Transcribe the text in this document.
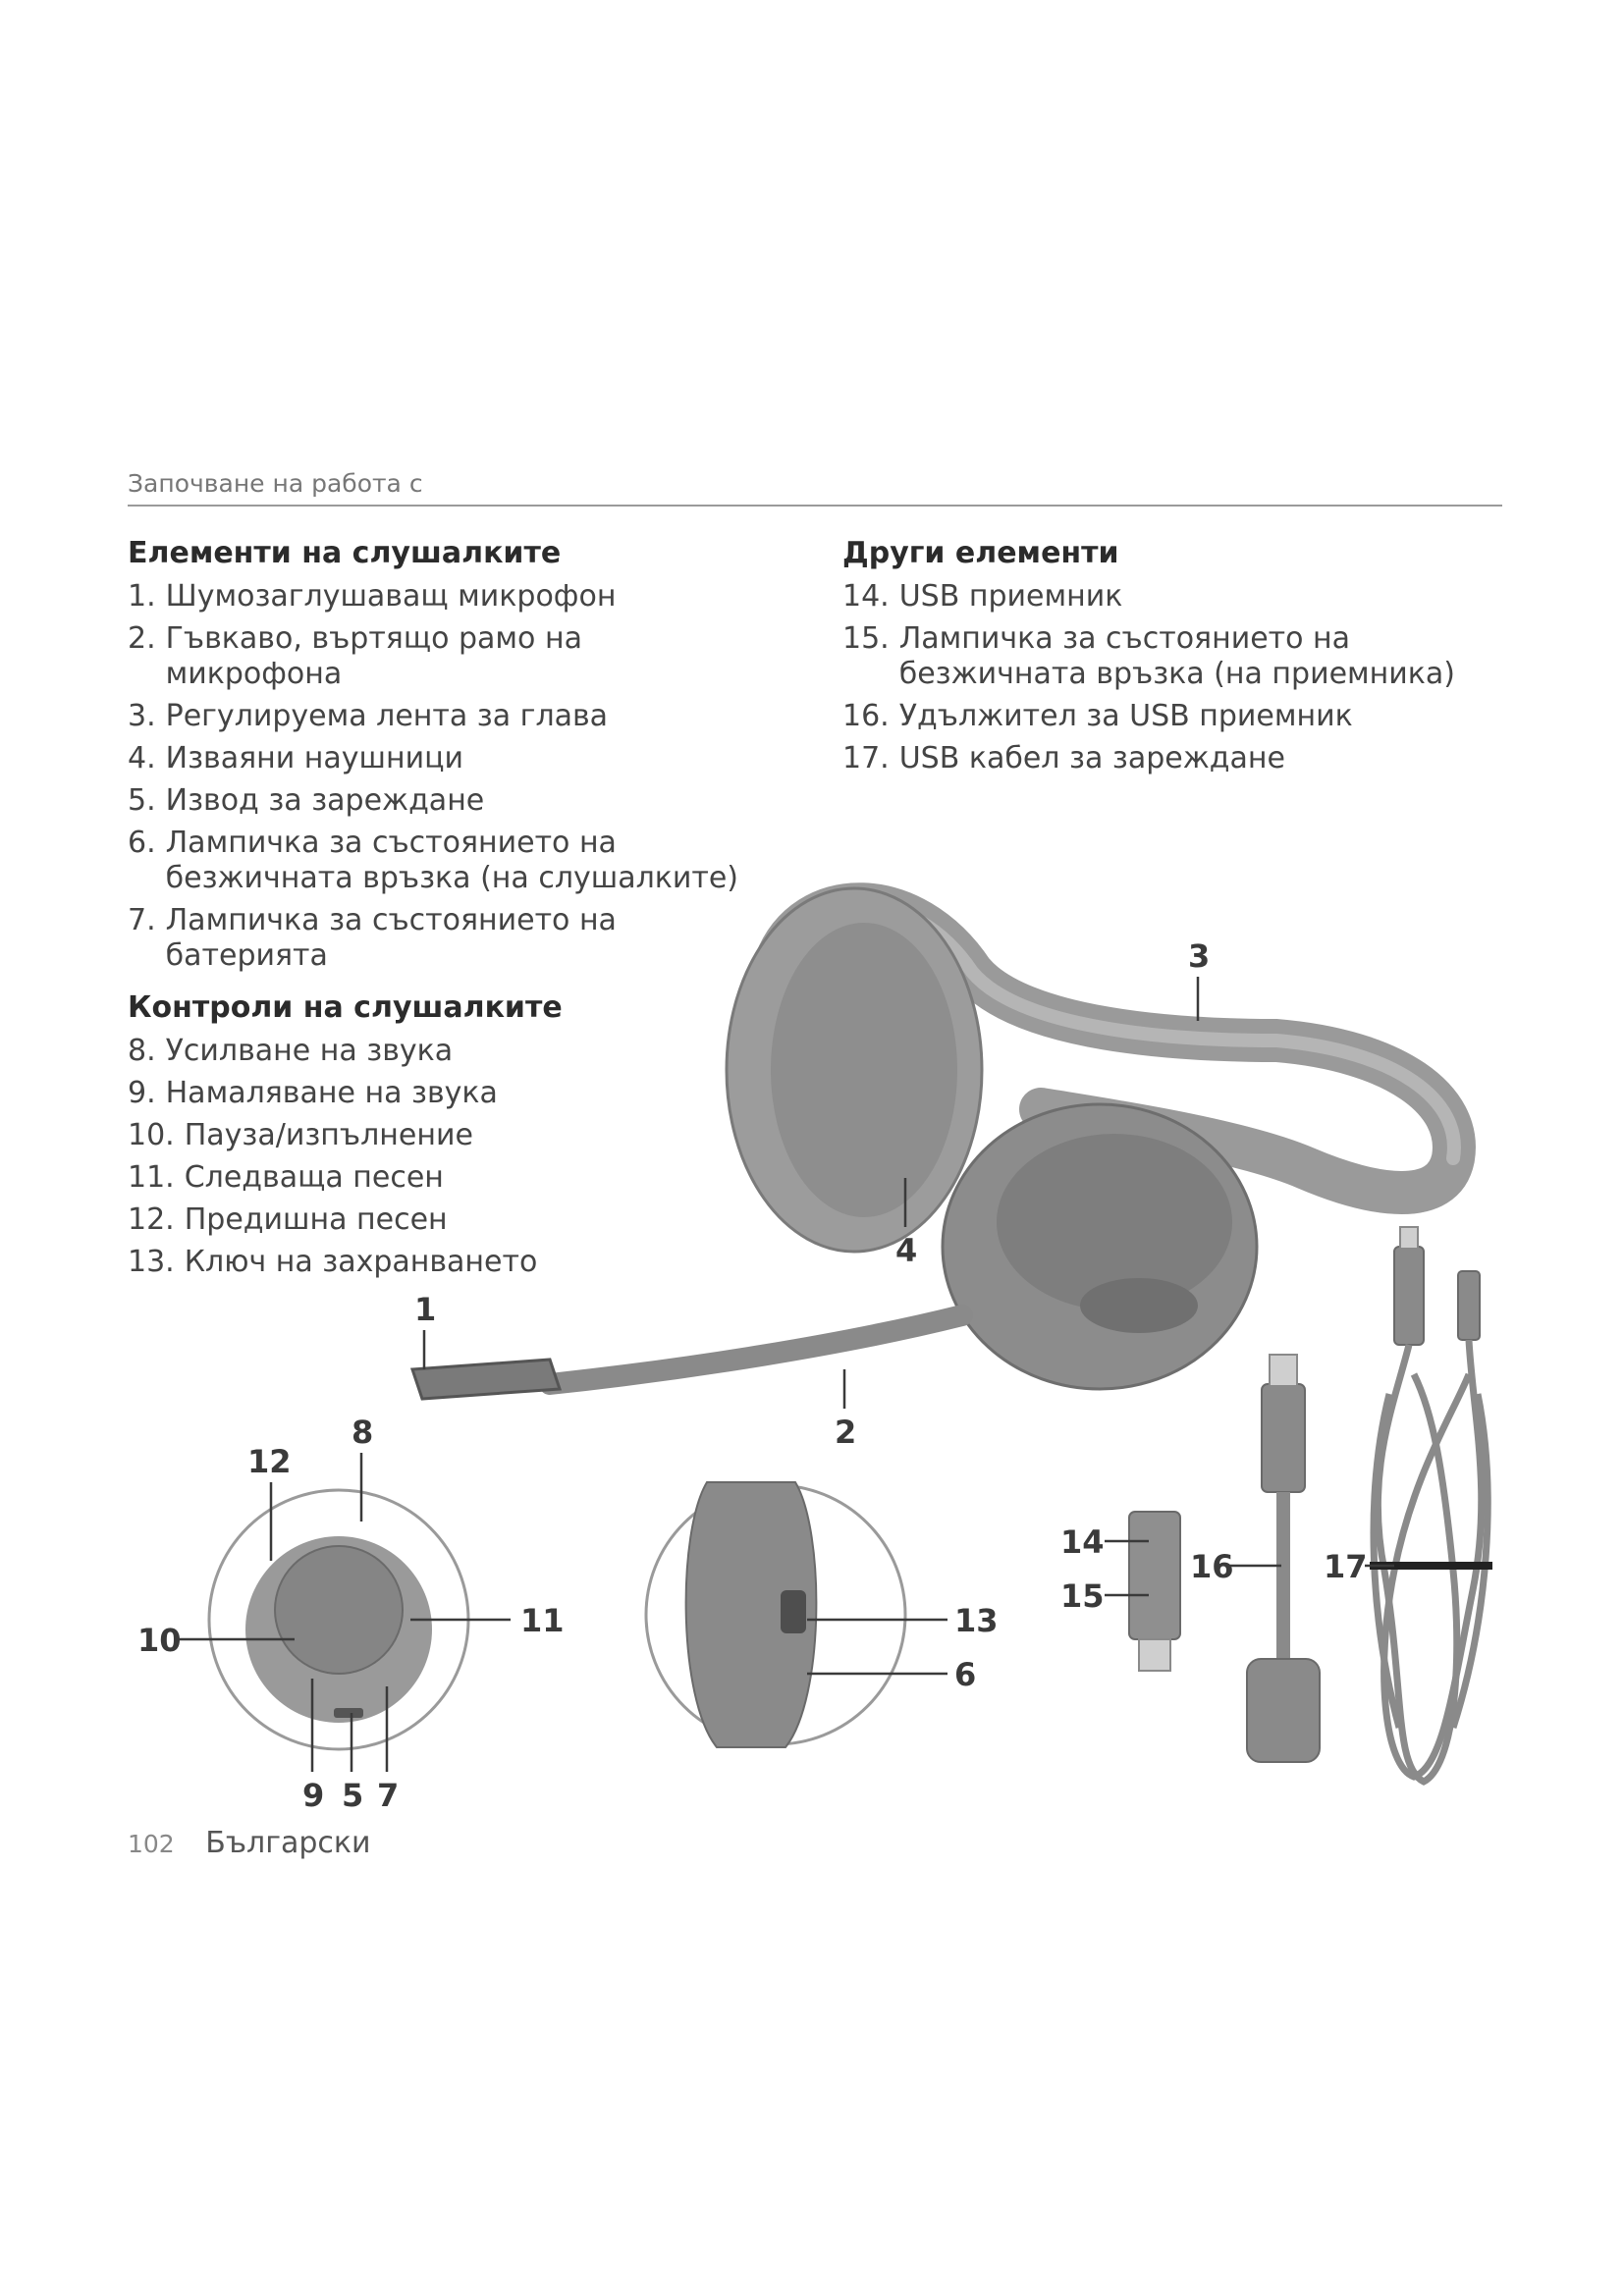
Започване на работа с
Елементи на слушалките
1. Шумозаглушаващ микрофон
2. Гъвкаво, въртящо рамо на микрофона
3. Регулируема лента за глава
4. Изваяни наушници
5. Извод за зареждане
6. Лампичка за състоянието на безжичната връзка (на слушалките)
7. Лампичка за състоянието на батерията
Контроли на слушалките
8. Усилване на звука
9. Намаляване на звука
10. Пауза/изпълнение
11. Следваща песен
12. Предишна песен
13. Ключ на захранването
Други елементи
14. USB приемник
15. Лампичка за състоянието на безжичната връзка (на приемника)
16. Удължител за USB приемник
17. USB кабел за зареждане
3
4
1
2
8
12
10
11
9 5 7
13
6
14
15
16	17
102 Български
